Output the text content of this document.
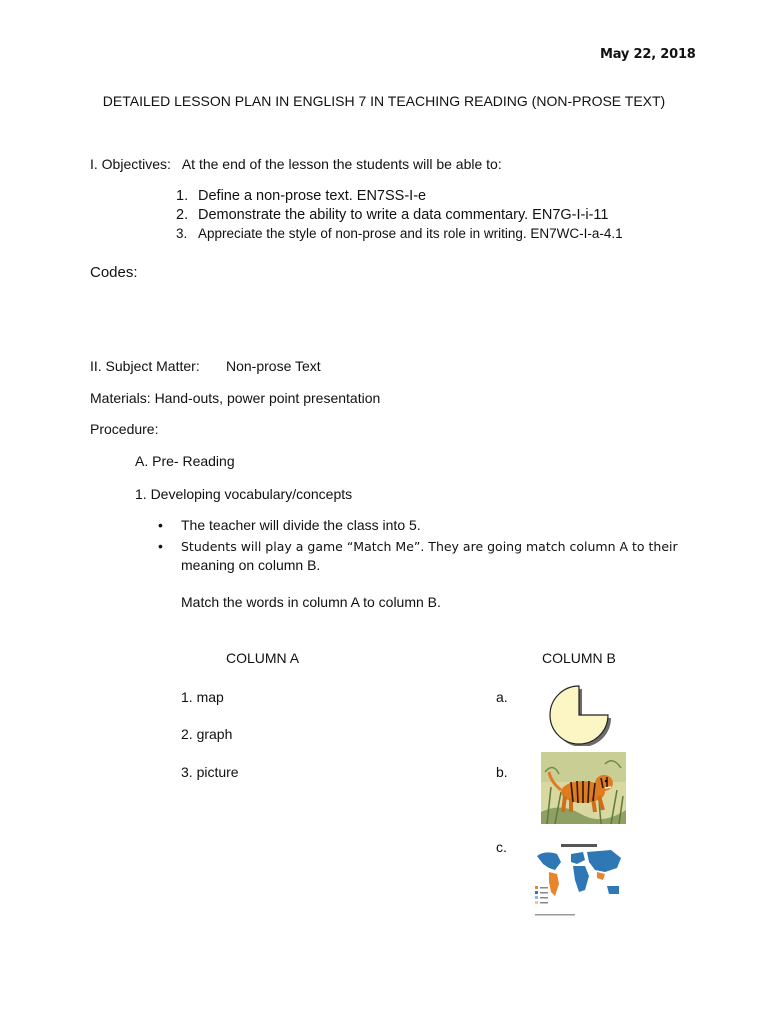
May 22, 2018
DETAILED LESSON PLAN IN ENGLISH 7 IN TEACHING READING (NON-PROSE TEXT)
I. Objectives: At the end of the lesson the students will be able to:
1. Define a non-prose text. EN7SS-I-e
2. Demonstrate the ability to write a data commentary. EN7G-I-i-11
3. Appreciate the style of non-prose and its role in writing. EN7WC-I-a-4.1
Codes:
II. Subject Matter: Non-prose Text
Materials: Hand-outs, power point presentation
Procedure:
A. Pre- Reading
1. Developing vocabulary/concepts
• The teacher will divide the class into 5.
• Students will play a game “Match Me”. They are going match column A to their
meaning on column B.
Match the words in column A to column B.
COLUMN A	COLUMN B
1. map
2. graph
3. picture
a.
b.
c.
